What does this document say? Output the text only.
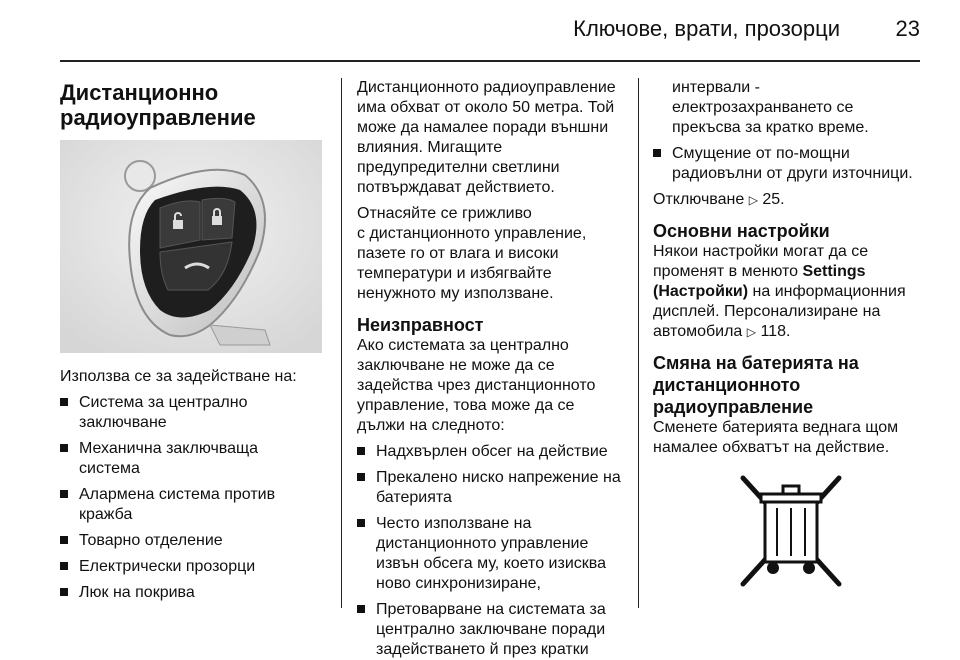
Ключове, врати, прозорци	23
Дистанционно
радиоуправление

Използва се за задействане на:

Система за централно
заключване
Механична заключваща система
Алармена система против
кражба
Товарно отделение
Електрически прозорци
Люк на покрива

Дистанционното радиоуправление
има обхват от около 50 метра. Той
може да намалее поради външни
влияния. Мигащите
предупредителни светлини
потвърждават действието.

Отнасяйте се грижливо
с дистанционното управление,
пазете го от влага и високи
температури и избягвайте
ненужното му използване.

Неизправност

Ако системата за централно
заключване не може да се
задейства чрез дистанционното
управление, това може да се
дължи на следното:

Надхвърлен обсег на действие
Прекалено ниско напрежение на
батерията
Често използване на
дистанционното управление
извън обсега му, което изисква
ново синхронизиране,
Претоварване на системата за
централно заключване поради
задействането й през кратки
интервали -
електрозахранването се
прекъсва за кратко време.
Смущение от по-мощни
радиовълни от други източници.

Отключване ▷ 25.

Основни настройки

Някои настройки могат да се
променят в менюто Settings
(Настройки) на информационния
дисплей. Персонализиране на
автомобила ▷ 118.

Смяна на батерията на
дистанционното
радиоуправление

Сменете батерията веднага щом
намалее обхватът на действие.
